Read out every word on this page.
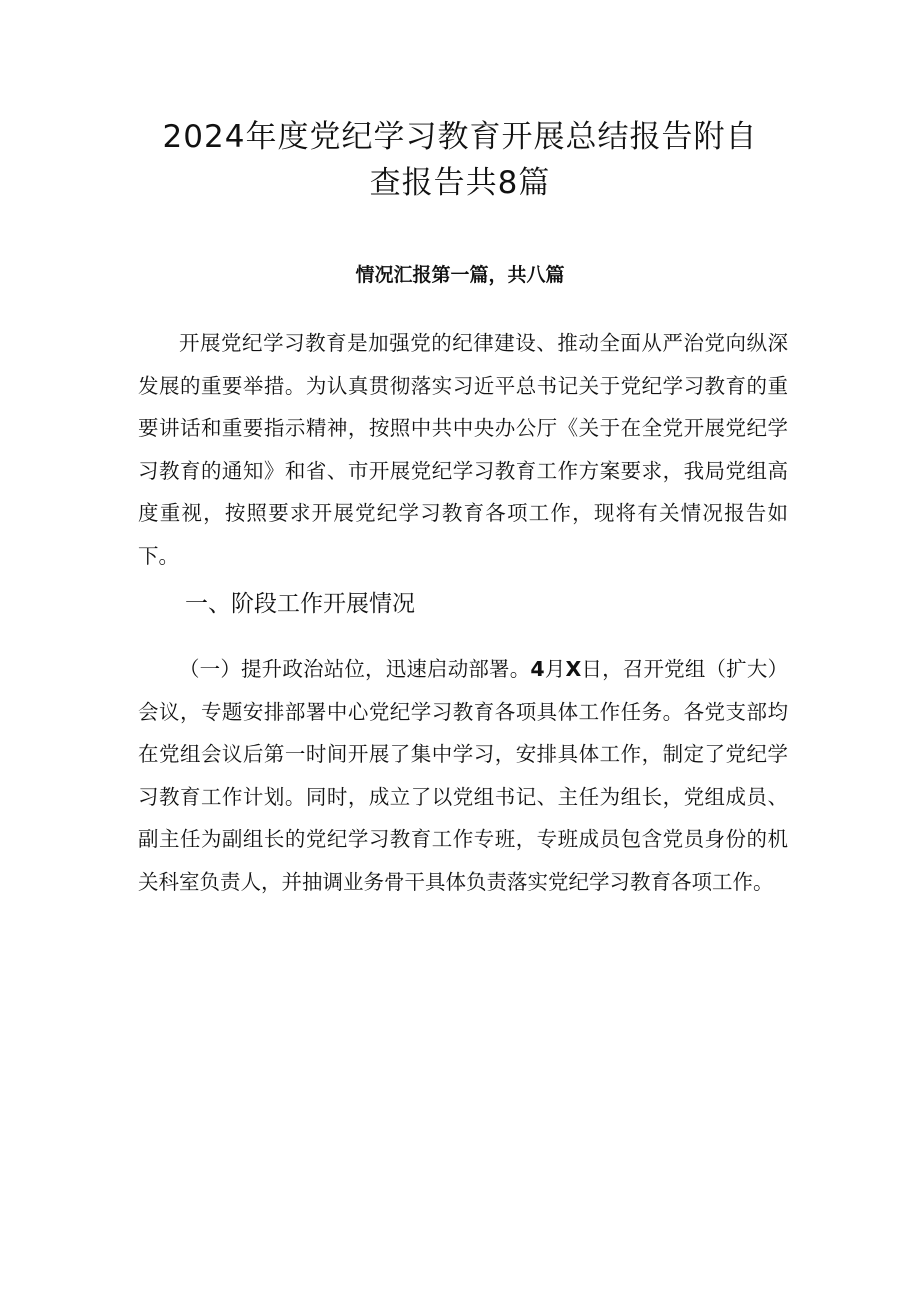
2024年度党纪学习教育开展总结报告附自
查报告共8篇
情况汇报第一篇，共八篇

开展党纪学习教育是加强党的纪律建设、推动全面从严治党向纵深发展的重要举措。为认真贯彻落实习近平总书记关于党纪学习教育的重要讲话和重要指示精神，按照中共中央办公厅《关于在全党开展党纪学习教育的通知》和省、市开展党纪学习教育工作方案要求，我局党组高度重视，按照要求开展党纪学习教育各项工作，现将有关情况报告如下。

一、阶段工作开展情况

（一）提升政治站位，迅速启动部署。4月X日，召开党组（扩大）会议，专题安排部署中心党纪学习教育各项具体工作任务。各党支部均在党组会议后第一时间开展了集中学习，安排具体工作，制定了党纪学习教育工作计划。同时，成立了以党组书记、主任为组长，党组成员、副主任为副组长的党纪学习教育工作专班，专班成员包含党员身份的机关科室负责人，并抽调业务骨干具体负责落实党纪学习教育各项工作。
